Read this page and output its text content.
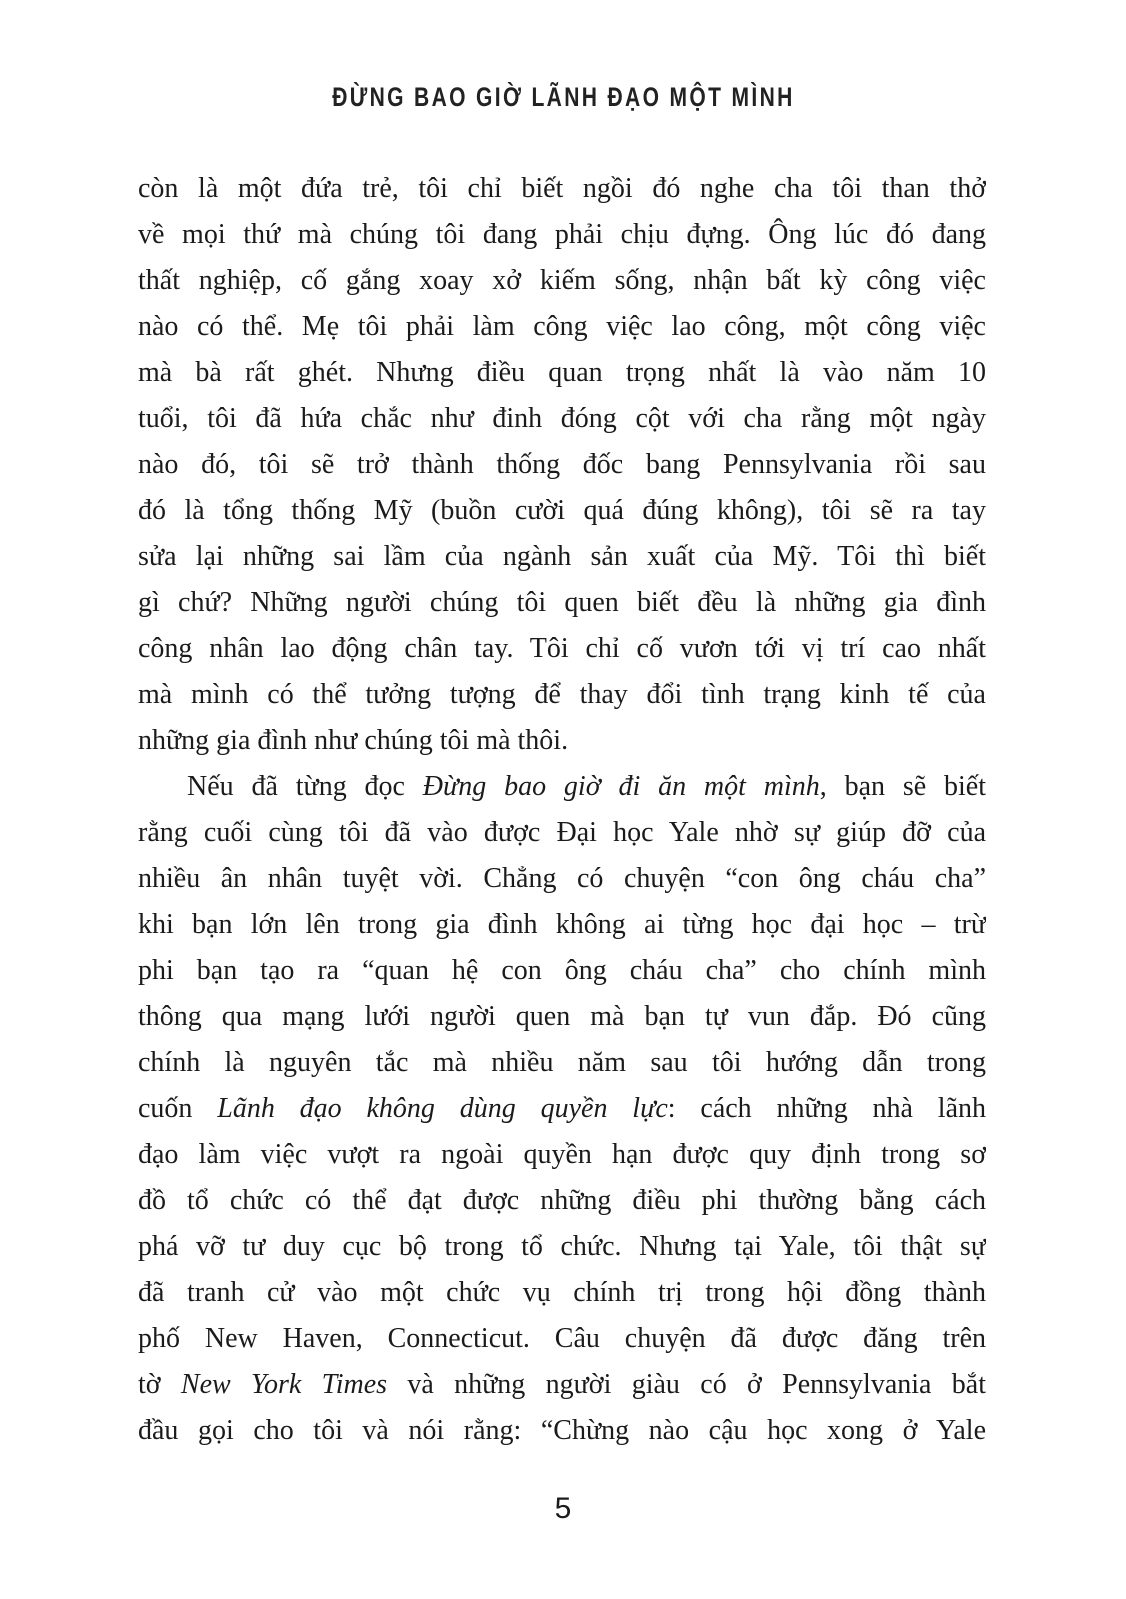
ĐỪNG BAO GIỜ LÃNH ĐẠO MỘT MÌNH
còn là một đứa trẻ, tôi chỉ biết ngồi đó nghe cha tôi than thở
về mọi thứ mà chúng tôi đang phải chịu đựng. Ông lúc đó đang
thất nghiệp, cố gắng xoay xở kiếm sống, nhận bất kỳ công việc
nào có thể. Mẹ tôi phải làm công việc lao công, một công việc
mà bà rất ghét. Nhưng điều quan trọng nhất là vào năm 10
tuổi, tôi đã hứa chắc như đinh đóng cột với cha rằng một ngày
nào đó, tôi sẽ trở thành thống đốc bang Pennsylvania rồi sau
đó là tổng thống Mỹ (buồn cười quá đúng không), tôi sẽ ra tay
sửa lại những sai lầm của ngành sản xuất của Mỹ. Tôi thì biết
gì chứ? Những người chúng tôi quen biết đều là những gia đình
công nhân lao động chân tay. Tôi chỉ cố vươn tới vị trí cao nhất
mà mình có thể tưởng tượng để thay đổi tình trạng kinh tế của
những gia đình như chúng tôi mà thôi.
Nếu đã từng đọc Đừng bao giờ đi ăn một mình, bạn sẽ biết
rằng cuối cùng tôi đã vào được Đại học Yale nhờ sự giúp đỡ của
nhiều ân nhân tuyệt vời. Chẳng có chuyện “con ông cháu cha”
khi bạn lớn lên trong gia đình không ai từng học đại học – trừ
phi bạn tạo ra “quan hệ con ông cháu cha” cho chính mình
thông qua mạng lưới người quen mà bạn tự vun đắp. Đó cũng
chính là nguyên tắc mà nhiều năm sau tôi hướng dẫn trong
cuốn Lãnh đạo không dùng quyền lực: cách những nhà lãnh
đạo làm việc vượt ra ngoài quyền hạn được quy định trong sơ
đồ tổ chức có thể đạt được những điều phi thường bằng cách
phá vỡ tư duy cục bộ trong tổ chức. Nhưng tại Yale, tôi thật sự
đã tranh cử vào một chức vụ chính trị trong hội đồng thành
phố New Haven, Connecticut. Câu chuyện đã được đăng trên
tờ New York Times và những người giàu có ở Pennsylvania bắt
đầu gọi cho tôi và nói rằng: “Chừng nào cậu học xong ở Yale
5
